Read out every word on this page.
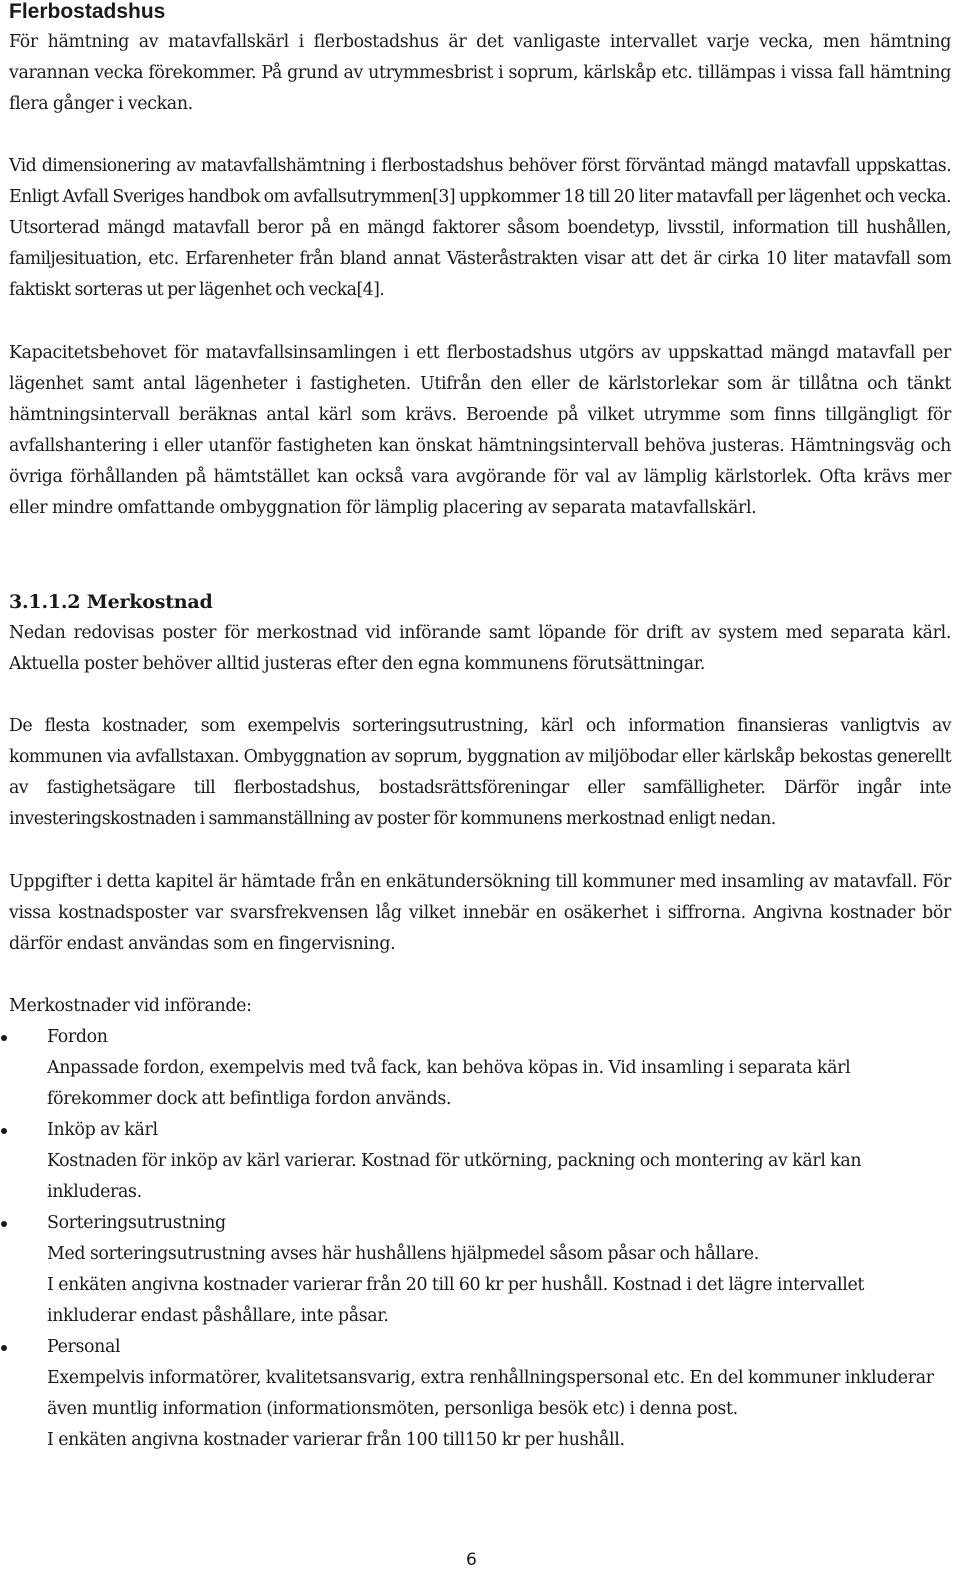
Flerbostadshus

För hämtning av matavfallskärl i flerbostadshus är det vanligaste intervallet varje vecka, men hämtning varannan vecka förekommer. På grund av utrymmesbrist i soprum, kärlskåp etc. tillämpas i vissa fall hämtning flera gånger i veckan.

Vid dimensionering av matavfallshämtning i flerbostadshus behöver först förväntad mängd matavfall uppskattas. Enligt Avfall Sveriges handbok om avfallsutrymmen[3] uppkommer 18 till 20 liter matavfall per lägenhet och vecka. Utsorterad mängd matavfall beror på en mängd faktorer såsom boendetyp, livsstil, information till hushållen, familjesituation, etc. Erfarenheter från bland annat Västeråstrakten visar att det är cirka 10 liter matavfall som faktiskt sorteras ut per lägenhet och vecka[4].

Kapacitetsbehovet för matavfallsinsamlingen i ett flerbostadshus utgörs av uppskattad mängd matavfall per lägenhet samt antal lägenheter i fastigheten. Utifrån den eller de kärlstorlekar som är tillåtna och tänkt hämtningsintervall beräknas antal kärl som krävs. Beroende på vilket utrymme som finns tillgängligt för avfallshantering i eller utanför fastigheten kan önskat hämtningsintervall behöva justeras. Hämtningsväg och övriga förhållanden på hämtstället kan också vara avgörande för val av lämplig kärlstorlek. Ofta krävs mer eller mindre omfattande ombyggnation för lämplig placering av separata matavfallskärl.

3.1.1.2 Merkostnad

Nedan redovisas poster för merkostnad vid införande samt löpande för drift av system med separata kärl. Aktuella poster behöver alltid justeras efter den egna kommunens förutsättningar.

De flesta kostnader, som exempelvis sorteringsutrustning, kärl och information finansieras vanligtvis av kommunen via avfallstaxan. Ombyggnation av soprum, byggnation av miljöbodar eller kärlskåp bekostas generellt av fastighetsägare till flerbostadshus, bostadsrättsföreningar eller samfälligheter. Därför ingår inte investeringskostnaden i sammanställning av poster för kommunens merkostnad enligt nedan.

Uppgifter i detta kapitel är hämtade från en enkätundersökning till kommuner med insamling av matavfall. För vissa kostnadsposter var svarsfrekvensen låg vilket innebär en osäkerhet i siffrorna. Angivna kostnader bör därför endast användas som en fingervisning.

Merkostnader vid införande:

Fordon
Anpassade fordon, exempelvis med två fack, kan behöva köpas in. Vid insamling i separata kärl förekommer dock att befintliga fordon används.
Inköp av kärl
Kostnaden för inköp av kärl varierar. Kostnad för utkörning, packning och montering av kärl kan inkluderas.
Sorteringsutrustning
Med sorteringsutrustning avses här hushållens hjälpmedel såsom påsar och hållare.
I enkäten angivna kostnader varierar från 20 till 60 kr per hushåll. Kostnad i det lägre intervallet inkluderar endast påshållare, inte påsar.
Personal
Exempelvis informatörer, kvalitetsansvarig, extra renhållningspersonal etc. En del kommuner inkluderar även muntlig information (informationsmöten, personliga besök etc) i denna post.
I enkäten angivna kostnader varierar från 100 till150 kr per hushåll.
6
